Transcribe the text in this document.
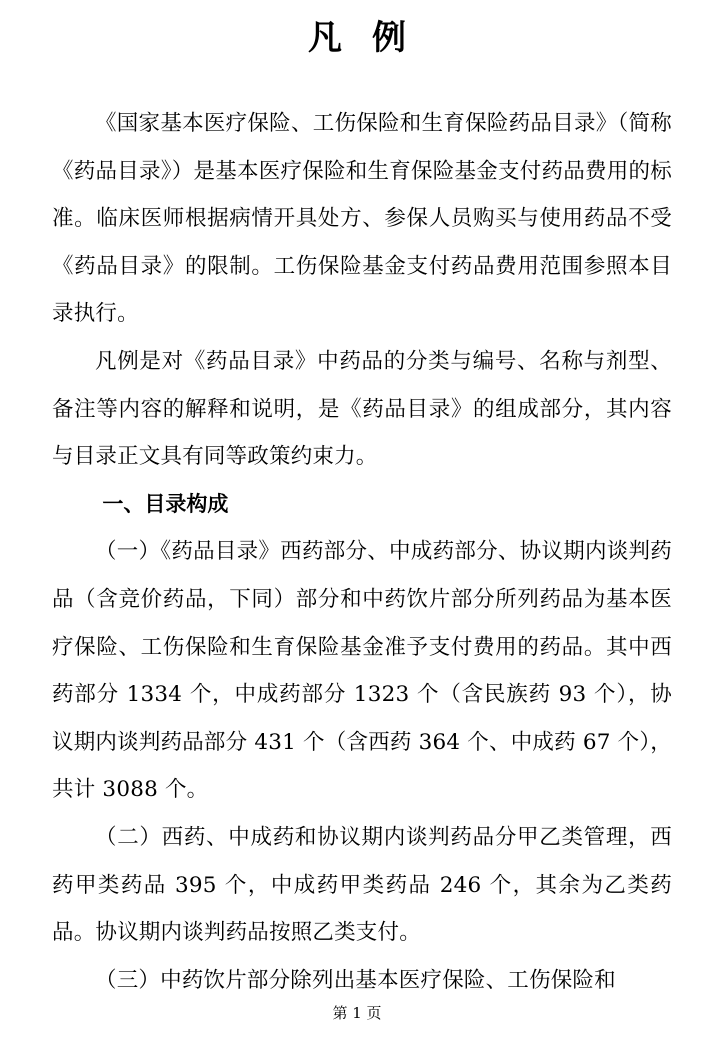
凡 例

《国家基本医疗保险、工伤保险和生育保险药品目录》（简称《药品目录》）是基本医疗保险和生育保险基金支付药品费用的标准。临床医师根据病情开具处方、参保人员购买与使用药品不受《药品目录》的限制。工伤保险基金支付药品费用范围参照本目录执行。

凡例是对《药品目录》中药品的分类与编号、名称与剂型、备注等内容的解释和说明，是《药品目录》的组成部分，其内容与目录正文具有同等政策约束力。

一、目录构成

（一）《药品目录》西药部分、中成药部分、协议期内谈判药品（含竞价药品，下同）部分和中药饮片部分所列药品为基本医疗保险、工伤保险和生育保险基金准予支付费用的药品。其中西药部分 1334 个，中成药部分 1323 个（含民族药 93 个），协议期内谈判药品部分 431 个（含西药 364 个、中成药 67 个），共计 3088 个。

（二）西药、中成药和协议期内谈判药品分甲乙类管理，西药甲类药品 395 个，中成药甲类药品 246 个，其余为乙类药品。协议期内谈判药品按照乙类支付。

（三）中药饮片部分除列出基本医疗保险、工伤保险和

第 1 页
